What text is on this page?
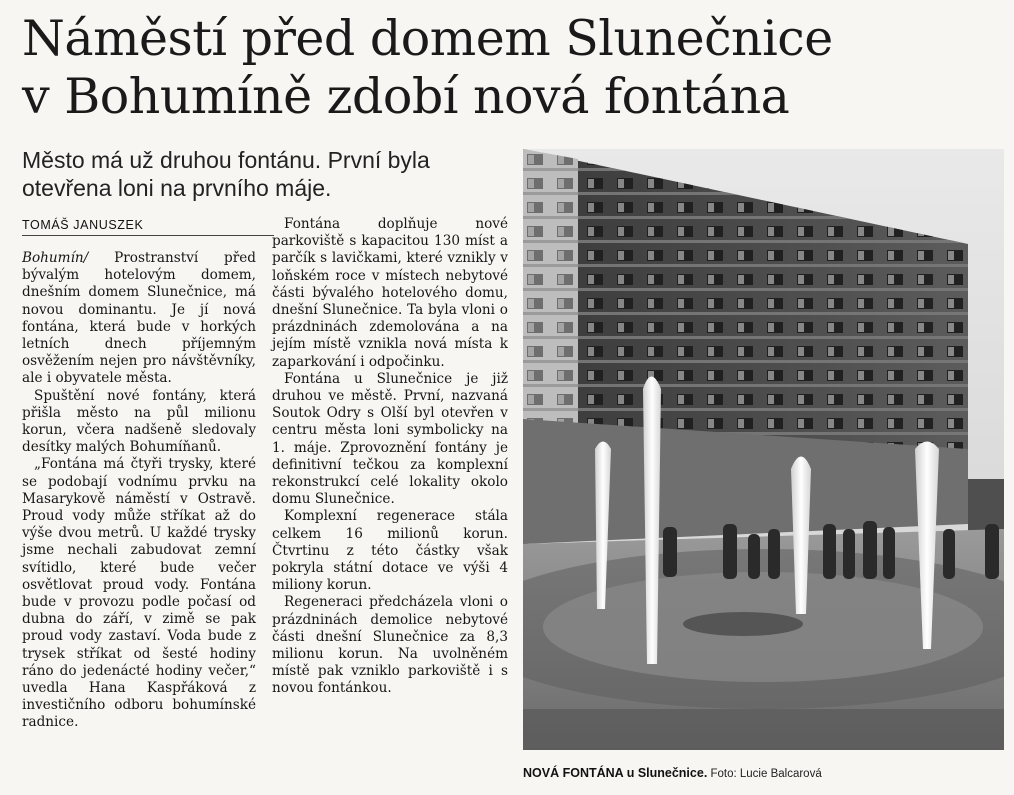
Náměstí před domem Slunečnice
v Bohumíně zdobí nová fontána

Město má už druhou fontánu. První byla otevřena loni na prvního máje.

TOMÁŠ JANUSZEK

Bohumín/ Prostranství před bývalým hotelovým domem, dnešním domem Slunečnice, má novou dominantu. Je jí nová fontána, která bude v horkých letních dnech příjemným osvěžením nejen pro návštěvníky, ale i obyvatele města.

Spuštění nové fontány, která přišla město na půl milionu korun, včera nadšeně sledovaly desítky malých Bohumíňanů.

„Fontána má čtyři trysky, které se podobají vodnímu prvku na Masarykově náměstí v Ostravě. Proud vody může stříkat až do výše dvou metrů. U každé trysky jsme nechali zabudovat zemní svítidlo, které bude večer osvětlovat proud vody. Fontána bude v provozu podle počasí od dubna do září, v zimě se pak proud vody zastaví. Voda bude z trysek stříkat od šesté hodiny ráno do jedenácté hodiny večer,“ uvedla Hana Kaspřáková z investičního odboru bohumínské radnice.

Fontána doplňuje nové parkoviště s kapacitou 130 míst a parčík s lavičkami, které vznikly v loňském roce v místech nebytové části bývalého hotelového domu, dnešní Slunečnice. Ta byla vloni o prázdninách zdemolována a na jejím místě vznikla nová místa k zaparkování i odpočinku.

Fontána u Slunečnice je již druhou ve městě. První, nazvaná Soutok Odry s Olší byl otevřen v centru města loni symbolicky na 1. máje. Zprovoznění fontány je definitivní tečkou za komplexní rekonstrukcí celé lokality okolo domu Slunečnice.

Komplexní regenerace stála celkem 16 milionů korun. Čtvrtinu z této částky však pokryla státní dotace ve výši 4 miliony korun.

Regeneraci předcházela vloni o prázdninách demolice nebytové části dnešní Slunečnice za 8,3 milionu korun. Na uvolněném místě pak vzniklo parkoviště i s novou fontánkou.

NOVÁ FONTÁNA u Slunečnice. Foto: Lucie Balcarová
